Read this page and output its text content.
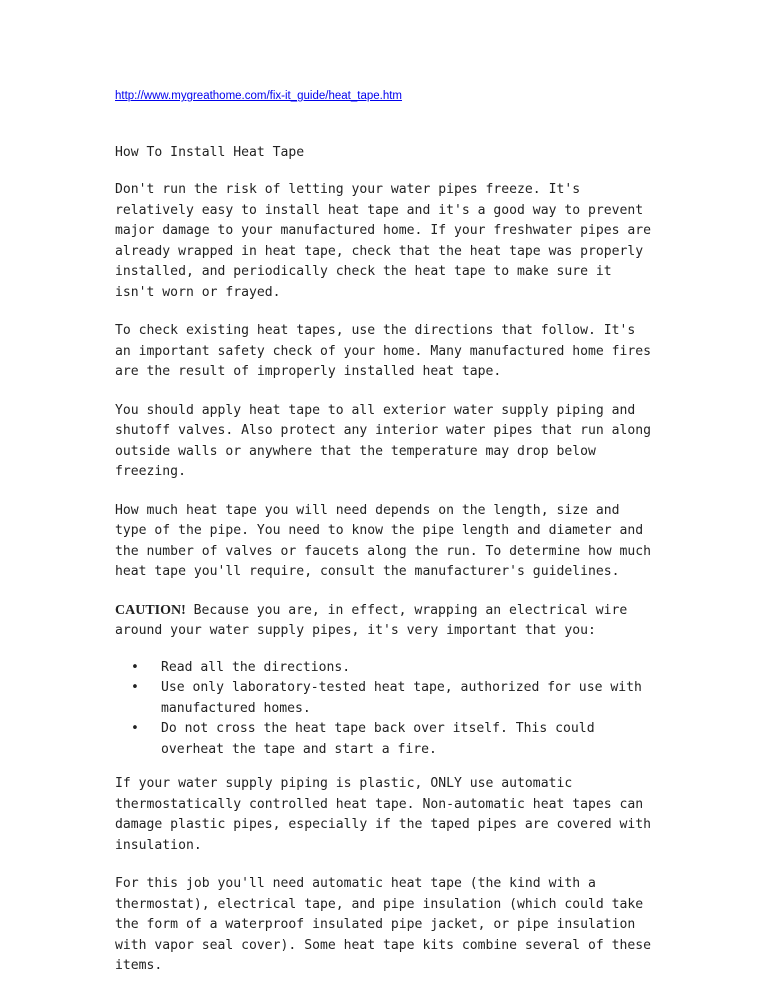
http://www.mygreathome.com/fix-it_guide/heat_tape.htm
How To Install Heat Tape

Don't run the risk of letting your water pipes freeze. It's relatively easy to install heat tape and it's a good way to prevent major damage to your manufactured home. If your freshwater pipes are already wrapped in heat tape, check that the heat tape was properly installed, and periodically check the heat tape to make sure it isn't worn or frayed.

To check existing heat tapes, use the directions that follow. It's an important safety check of your home. Many manufactured home fires are the result of improperly installed heat tape.

You should apply heat tape to all exterior water supply piping and shutoff valves. Also protect any interior water pipes that run along outside walls or anywhere that the temperature may drop below freezing.

How much heat tape you will need depends on the length, size and type of the pipe. You need to know the pipe length and diameter and the number of valves or faucets along the run. To determine how much heat tape you'll require, consult the manufacturer's guidelines.

CAUTION! Because you are, in effect, wrapping an electrical wire around your water supply pipes, it's very important that you:

• Read all the directions.
• Use only laboratory-tested heat tape, authorized for use with manufactured homes.
• Do not cross the heat tape back over itself. This could overheat the tape and start a fire.

If your water supply piping is plastic, ONLY use automatic thermostatically controlled heat tape. Non-automatic heat tapes can damage plastic pipes, especially if the taped pipes are covered with insulation.

For this job you'll need automatic heat tape (the kind with a thermostat), electrical tape, and pipe insulation (which could take the form of a waterproof insulated pipe jacket, or pipe insulation with vapor seal cover). Some heat tape kits combine several of these items.
